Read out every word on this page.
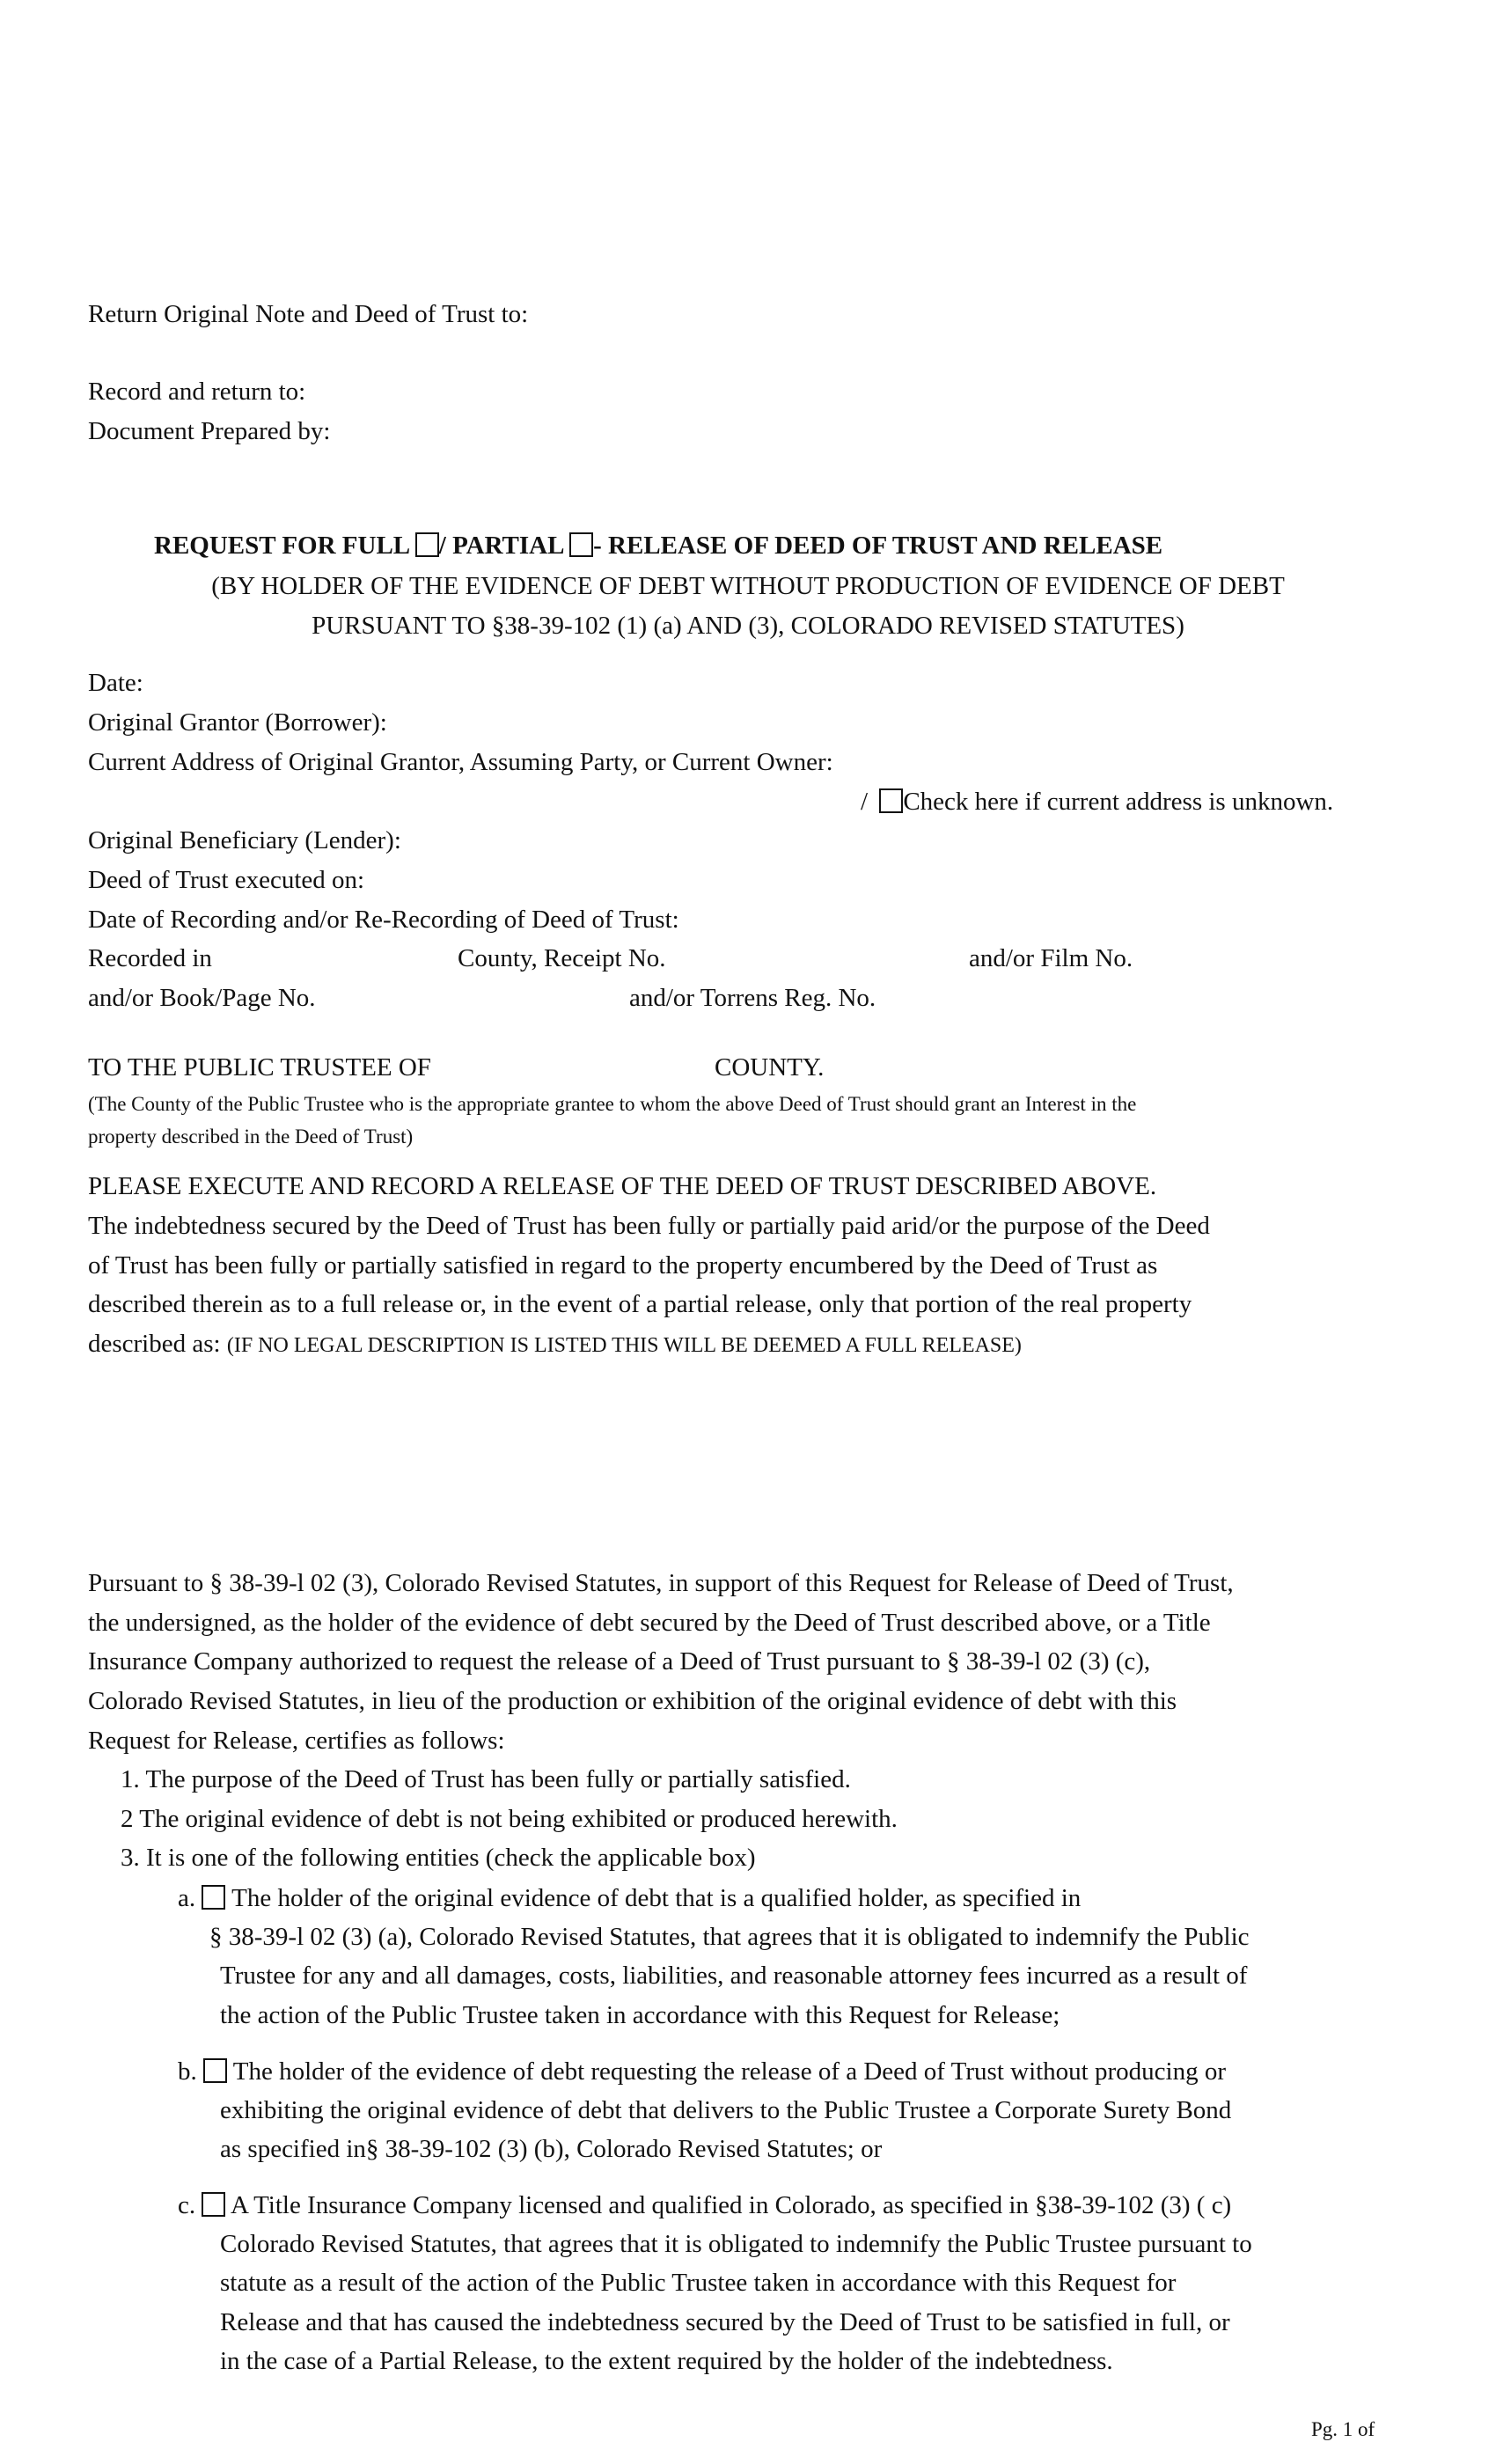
Return Original Note and Deed of Trust to:
Record and return to:
Document Prepared by:
REQUEST FOR FULL / PARTIAL - RELEASE OF DEED OF TRUST AND RELEASE
(BY HOLDER OF THE EVIDENCE OF DEBT WITHOUT PRODUCTION OF EVIDENCE OF DEBT
PURSUANT TO §38-39-102 (1) (a) AND (3), COLORADO REVISED STATUTES)
Date:
Original Grantor (Borrower):
Current Address of Original Grantor, Assuming Party, or Current Owner:
/ Check here if current address is unknown.
Original Beneficiary (Lender):
Deed of Trust executed on:
Date of Recording and/or Re-Recording of Deed of Trust:
Recorded in	County, Receipt No.	and/or Film No.
and/or Book/Page No.	and/or Torrens Reg. No.
TO THE PUBLIC TRUSTEE OF	COUNTY.
(The County of the Public Trustee who is the appropriate grantee to whom the above Deed of Trust should grant an Interest in the
property described in the Deed of Trust)
PLEASE EXECUTE AND RECORD A RELEASE OF THE DEED OF TRUST DESCRIBED ABOVE.
The indebtedness secured by the Deed of Trust has been fully or partially paid arid/or the purpose of the Deed
of Trust has been fully or partially satisfied in regard to the property encumbered by the Deed of Trust as
described therein as to a full release or, in the event of a partial release, only that portion of the real property
described as: (IF NO LEGAL DESCRIPTION IS LISTED THIS WILL BE DEEMED A FULL RELEASE)
Pursuant to § 38-39-l 02 (3), Colorado Revised Statutes, in support of this Request for Release of Deed of Trust,
the undersigned, as the holder of the evidence of debt secured by the Deed of Trust described above, or a Title
Insurance Company authorized to request the release of a Deed of Trust pursuant to § 38-39-l 02 (3) (c),
Colorado Revised Statutes, in lieu of the production or exhibition of the original evidence of debt with this
Request for Release, certifies as follows:
1. The purpose of the Deed of Trust has been fully or partially satisfied.
2 The original evidence of debt is not being exhibited or produced herewith.
3. It is one of the following entities (check the applicable box)
a. The holder of the original evidence of debt that is a qualified holder, as specified in
§ 38-39-l 02 (3) (a), Colorado Revised Statutes, that agrees that it is obligated to indemnify the Public
Trustee for any and all damages, costs, liabilities, and reasonable attorney fees incurred as a result of
the action of the Public Trustee taken in accordance with this Request for Release;
b. The holder of the evidence of debt requesting the release of a Deed of Trust without producing or
exhibiting the original evidence of debt that delivers to the Public Trustee a Corporate Surety Bond
as specified in§ 38-39-102 (3) (b), Colorado Revised Statutes; or
c. A Title Insurance Company licensed and qualified in Colorado, as specified in §38-39-102 (3) ( c)
Colorado Revised Statutes, that agrees that it is obligated to indemnify the Public Trustee pursuant to
statute as a result of the action of the Public Trustee taken in accordance with this Request for
Release and that has caused the indebtedness secured by the Deed of Trust to be satisfied in full, or
in the case of a Partial Release, to the extent required by the holder of the indebtedness.
Pg. 1 of
